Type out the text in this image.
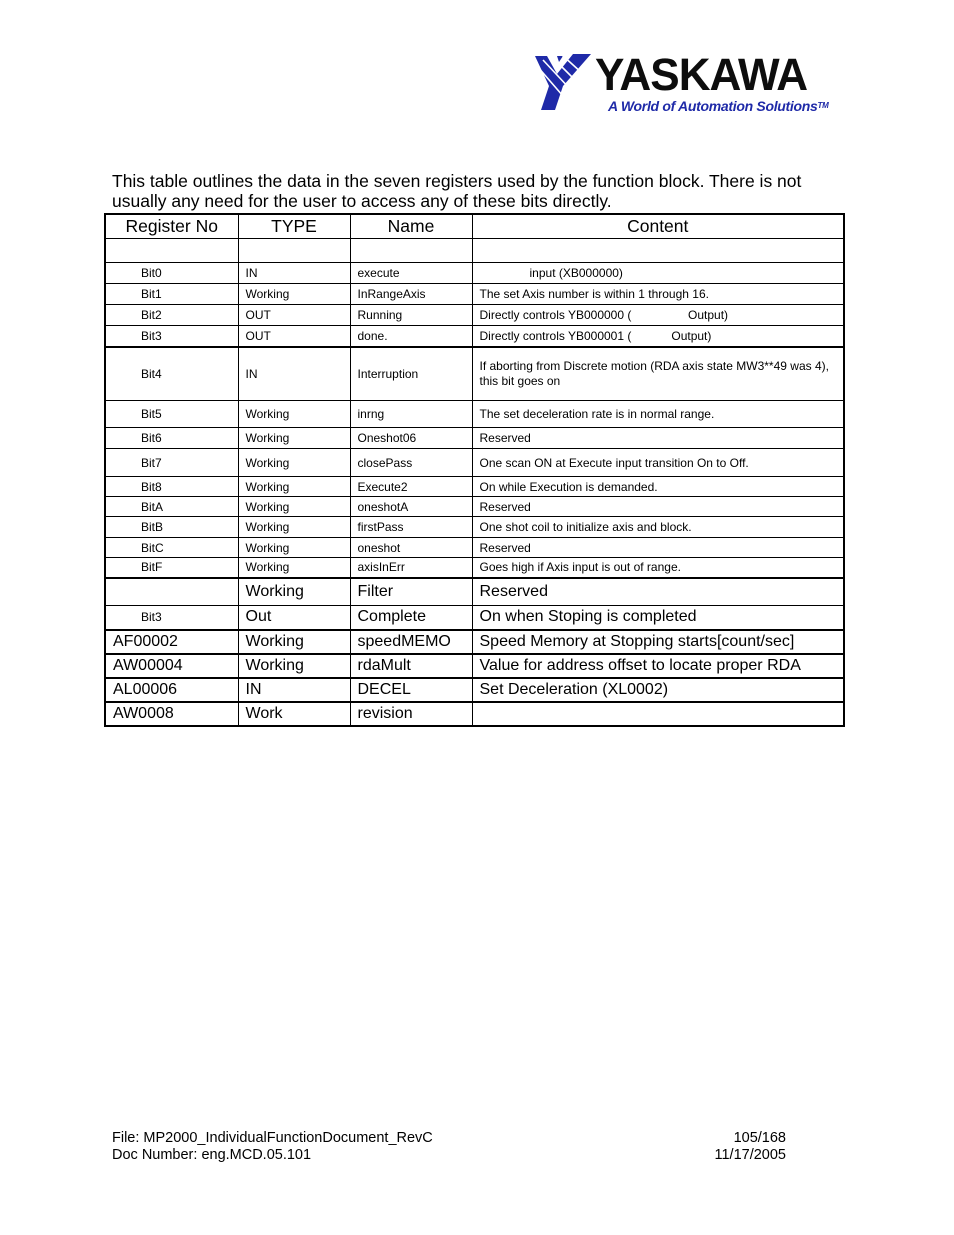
YASKAWA
A World of Automation Solutions™
This table outlines the data in the seven registers used by the function block. There is not usually any need for the user to access any of these bits directly.
Register No	TYPE	Name	Content

Bit0	IN	execute	input (XB000000)
Bit1	Working	InRangeAxis	The set Axis number is within 1 through 16.
Bit2	OUT	Running	Directly controls YB000000 (                 Output)
Bit3	OUT	done.	Directly controls YB000001 (            Output)
Bit4	IN	Interruption	If aborting from Discrete motion (RDA axis state MW3**49 was 4), this bit goes on
Bit5	Working	inrng	The set deceleration rate is in normal range.
Bit6	Working	Oneshot06	Reserved
Bit7	Working	closePass	One scan ON at Execute input transition On to Off.
Bit8	Working	Execute2	On while Execution is demanded.
BitA	Working	oneshotA	Reserved
BitB	Working	firstPass	One shot coil to initialize axis and block.
BitC	Working	oneshot	Reserved
BitF	Working	axisInErr	Goes high if Axis input is out of range.
	Working	Filter	Reserved
Bit3	Out	Complete	On when Stoping is completed
AF00002	Working	speedMEMO	Speed Memory at Stopping starts[count/sec]
AW00004	Working	rdaMult	Value for address offset to locate proper RDA
AL00006	IN	DECEL	Set Deceleration (XL0002)
AW0008	Work	revision	
File: MP2000_IndividualFunctionDocument_RevC	105/168
Doc Number: eng.MCD.05.101	11/17/2005
